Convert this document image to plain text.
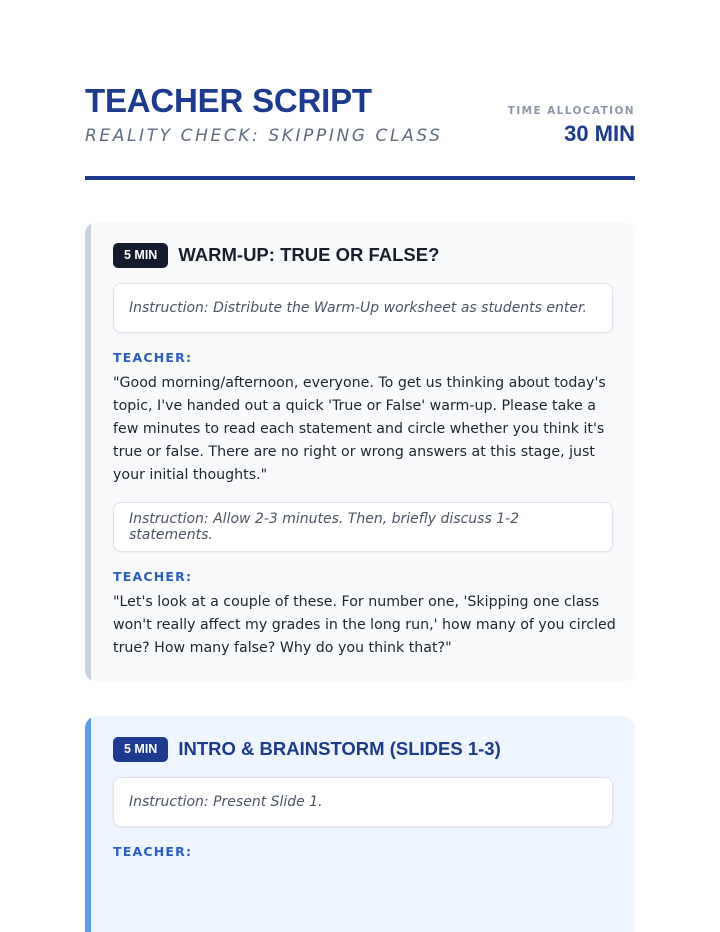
TEACHER SCRIPT
REALITY CHECK: SKIPPING CLASS
TIME ALLOCATION
30 MIN
5 MIN	WARM-UP: TRUE OR FALSE?
Instruction: Distribute the Warm-Up worksheet as students enter.
TEACHER:
"Good morning/afternoon, everyone. To get us thinking about today's topic, I've handed out a quick 'True or False' warm-up. Please take a few minutes to read each statement and circle whether you think it's true or false. There are no right or wrong answers at this stage, just your initial thoughts."
Instruction: Allow 2-3 minutes. Then, briefly discuss 1-2 statements.
TEACHER:
"Let's look at a couple of these. For number one, 'Skipping one class won't really affect my grades in the long run,' how many of you circled true? How many false? Why do you think that?"
5 MIN	INTRO & BRAINSTORM (SLIDES 1-3)
Instruction: Present Slide 1.
TEACHER:
